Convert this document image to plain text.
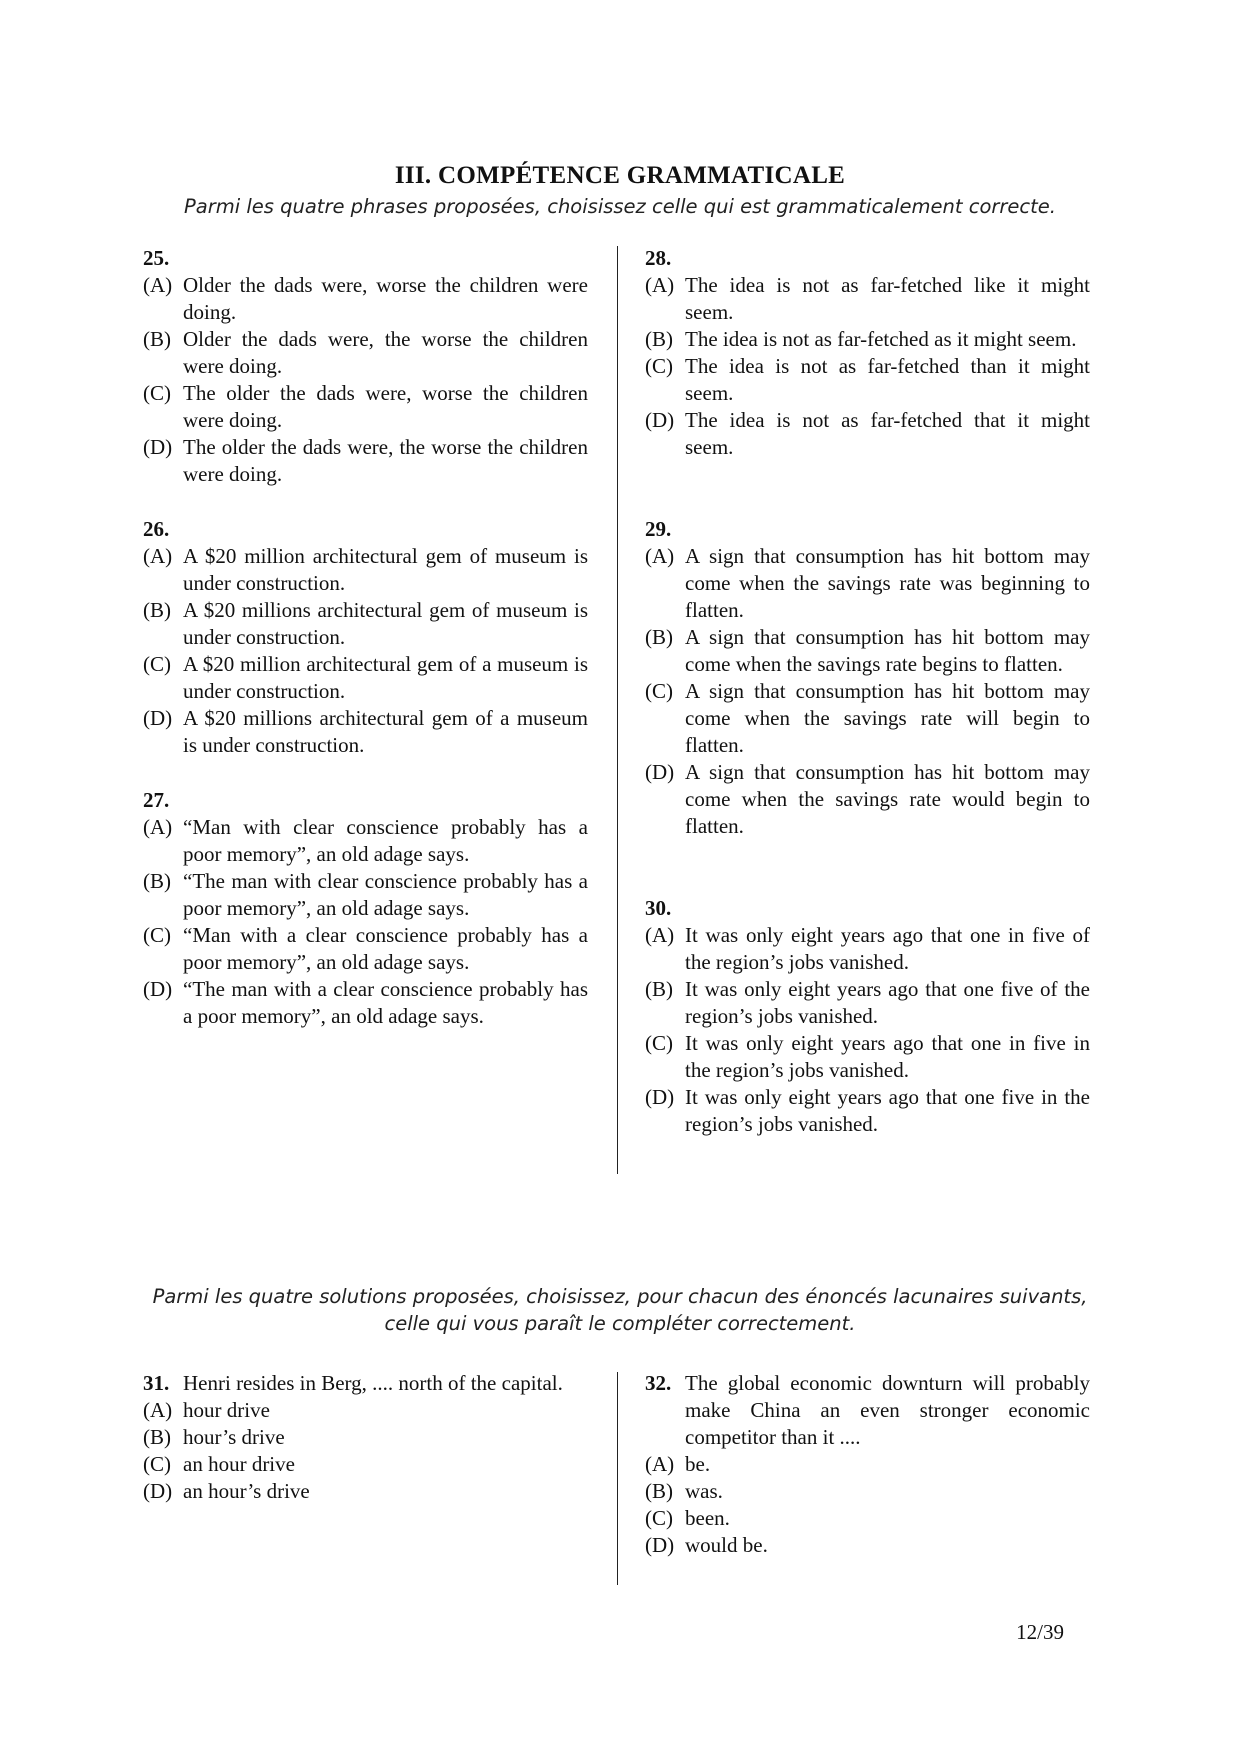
III. COMPÉTENCE GRAMMATICALE
Parmi les quatre phrases proposées, choisissez celle qui est grammaticalement correcte.
25.
(A) Older the dads were, worse the children were doing.
(B) Older the dads were, the worse the children were doing.
(C) The older the dads were, worse the children were doing.
(D) The older the dads were, the worse the children were doing.
26.
(A) A $20 million architectural gem of museum is under construction.
(B) A $20 millions architectural gem of museum is under construction.
(C) A $20 million architectural gem of a museum is under construction.
(D) A $20 millions architectural gem of a museum is under construction.
27.
(A) “Man with clear conscience probably has a poor memory”, an old adage says.
(B) “The man with clear conscience probably has a poor memory”, an old adage says.
(C) “Man with a clear conscience probably has a poor memory”, an old adage says.
(D) “The man with a clear conscience probably has a poor memory”, an old adage says.
28.
(A) The idea is not as far-fetched like it might seem.
(B) The idea is not as far-fetched as it might seem.
(C) The idea is not as far-fetched than it might seem.
(D) The idea is not as far-fetched that it might seem.
29.
(A) A sign that consumption has hit bottom may come when the savings rate was beginning to flatten.
(B) A sign that consumption has hit bottom may come when the savings rate begins to flatten.
(C) A sign that consumption has hit bottom may come when the savings rate will begin to flatten.
(D) A sign that consumption has hit bottom may come when the savings rate would begin to flatten.
30.
(A) It was only eight years ago that one in five of the region’s jobs vanished.
(B) It was only eight years ago that one five of the region’s jobs vanished.
(C) It was only eight years ago that one in five in the region’s jobs vanished.
(D) It was only eight years ago that one five in the region’s jobs vanished.
Parmi les quatre solutions proposées, choisissez, pour chacun des énoncés lacunaires suivants,
celle qui vous paraît le compléter correctement.
31. Henri resides in Berg, .... north of the capital.
(A) hour drive
(B) hour’s drive
(C) an hour drive
(D) an hour’s drive
32. The global economic downturn will probably make China an even stronger economic competitor than it ....
(A) be.
(B) was.
(C) been.
(D) would be.
12/39
